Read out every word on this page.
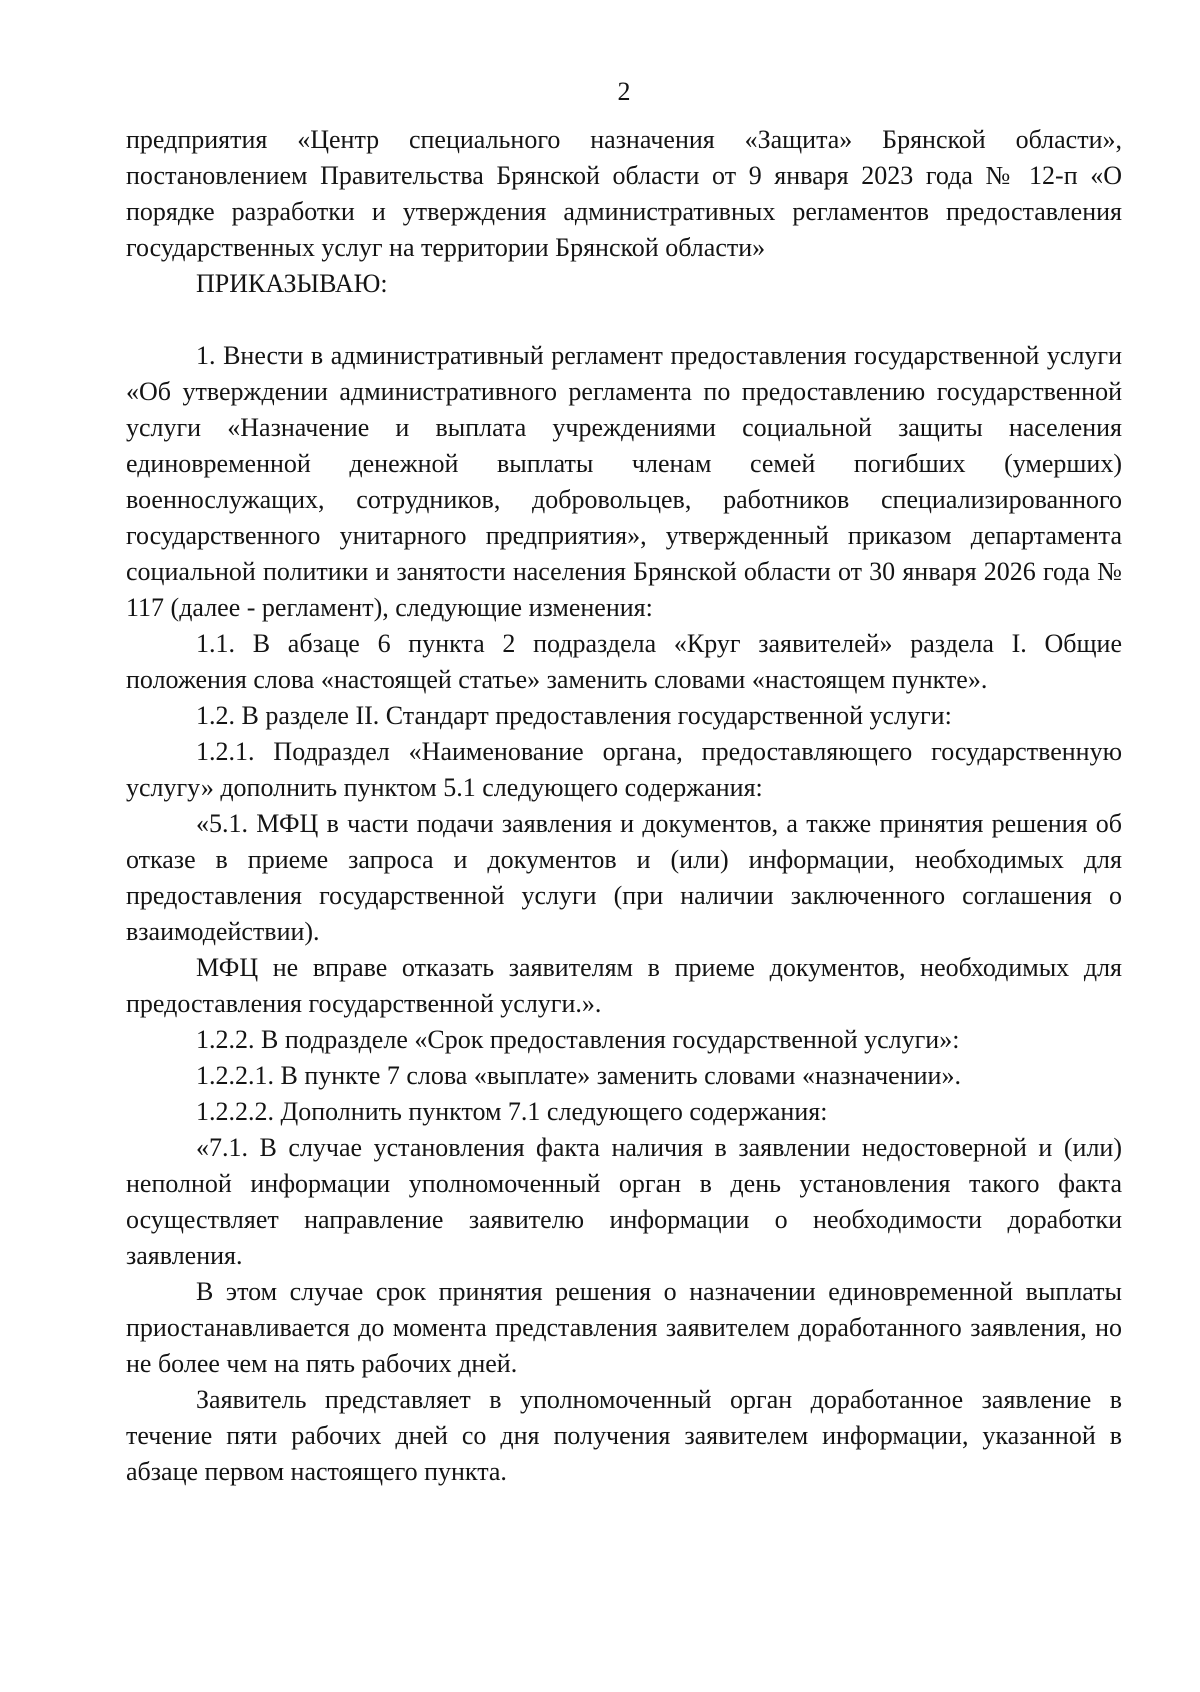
2

предприятия «Центр специального назначения «Защита» Брянской области», постановлением Правительства Брянской области от 9 января 2023 года № 12-п «О порядке разработки и утверждения административных регламентов предоставления государственных услуг на территории Брянской области»

ПРИКАЗЫВАЮ:

1. Внести в административный регламент предоставления государственной услуги «Об утверждении административного регламента по предоставлению государственной услуги «Назначение и выплата учреждениями социальной защиты населения единовременной денежной выплаты членам семей погибших (умерших) военнослужащих, сотрудников, добровольцев, работников специализированного государственного унитарного предприятия», утвержденный приказом департамента социальной политики и занятости населения Брянской области от 30 января 2026 года № 117 (далее - регламент), следующие изменения:

1.1. В абзаце 6 пункта 2 подраздела «Круг заявителей» раздела I. Общие положения слова «настоящей статье» заменить словами «настоящем пункте».

1.2. В разделе II. Стандарт предоставления государственной услуги:

1.2.1. Подраздел «Наименование органа, предоставляющего государственную услугу» дополнить пунктом 5.1 следующего содержания:

«5.1. МФЦ в части подачи заявления и документов, а также принятия решения об отказе в приеме запроса и документов и (или) информации, необходимых для предоставления государственной услуги (при наличии заключенного соглашения о взаимодействии).

МФЦ не вправе отказать заявителям в приеме документов, необходимых для предоставления государственной услуги.».

1.2.2. В подразделе «Срок предоставления государственной услуги»:

1.2.2.1. В пункте 7 слова «выплате» заменить словами «назначении».

1.2.2.2. Дополнить пунктом 7.1 следующего содержания:

«7.1. В случае установления факта наличия в заявлении недостоверной и (или) неполной информации уполномоченный орган в день установления такого факта осуществляет направление заявителю информации о необходимости доработки заявления.

В этом случае срок принятия решения о назначении единовременной выплаты приостанавливается до момента представления заявителем доработанного заявления, но не более чем на пять рабочих дней.

Заявитель представляет в уполномоченный орган доработанное заявление в течение пяти рабочих дней со дня получения заявителем информации, указанной в абзаце первом настоящего пункта.
